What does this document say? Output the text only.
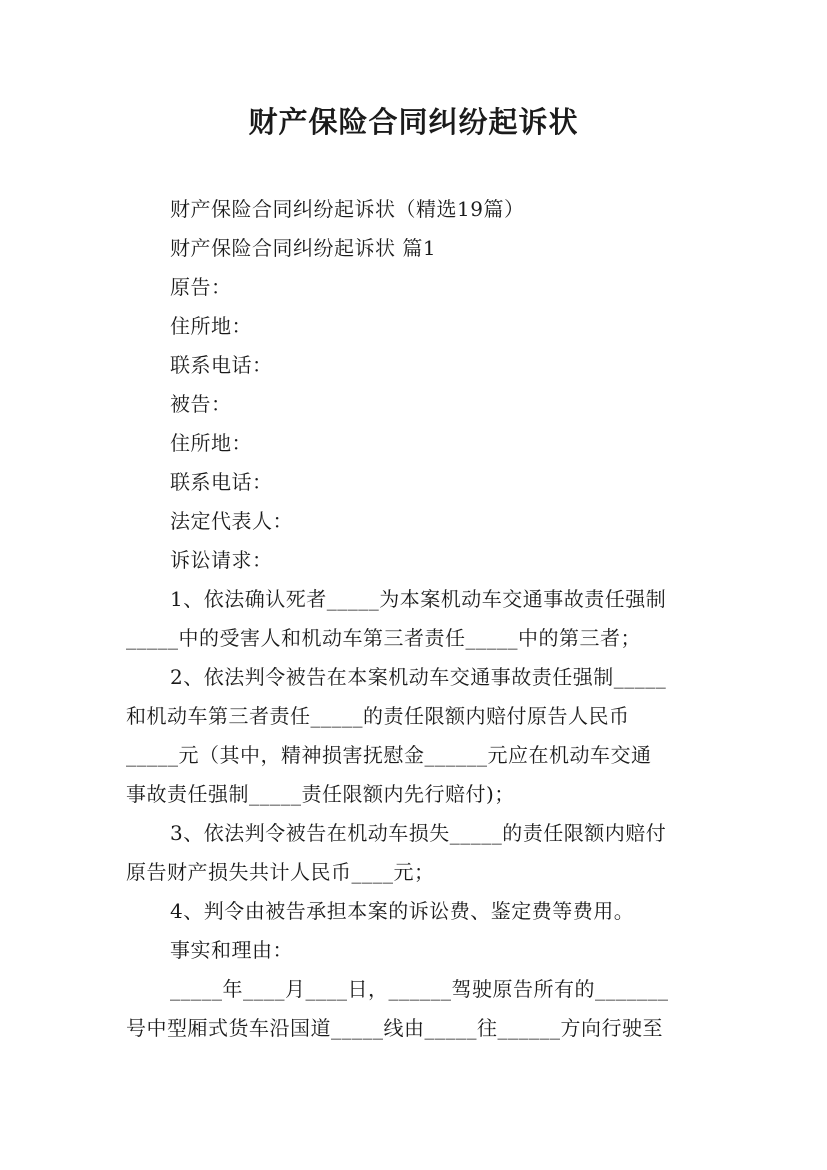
财产保险合同纠纷起诉状
财产保险合同纠纷起诉状（精选19篇）
财产保险合同纠纷起诉状 篇1
原告：
住所地：
联系电话：
被告：
住所地：
联系电话：
法定代表人：
诉讼请求：
1、依法确认死者_____为本案机动车交通事故责任强制
_____中的受害人和机动车第三者责任_____中的第三者；
2、依法判令被告在本案机动车交通事故责任强制_____
和机动车第三者责任_____的责任限额内赔付原告人民币
_____元（其中，精神损害抚慰金______元应在机动车交通
事故责任强制_____责任限额内先行赔付)；
3、依法判令被告在机动车损失_____的责任限额内赔付
原告财产损失共计人民币____元；
4、判令由被告承担本案的诉讼费、鉴定费等费用。
事实和理由：
_____年____月____日，______驾驶原告所有的_______
号中型厢式货车沿国道_____线由_____往______方向行驶至
